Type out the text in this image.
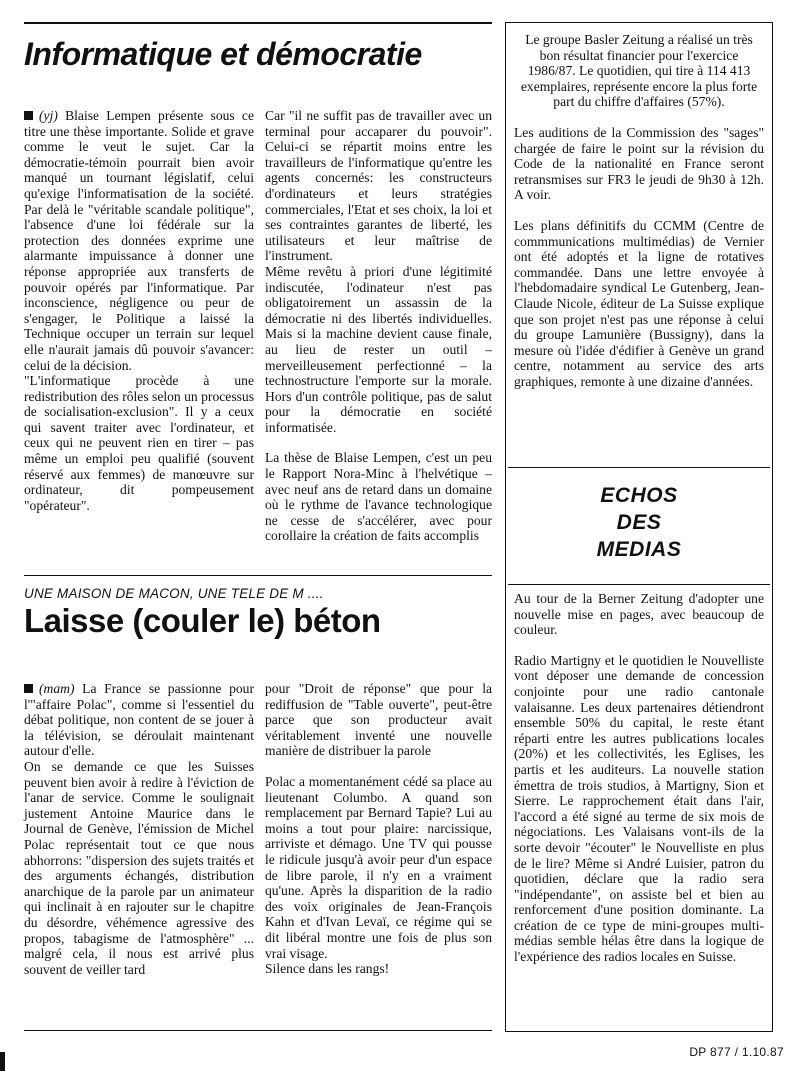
Informatique et démocratie

(yj) Blaise Lempen présente sous ce titre une thèse importante. Solide et grave comme le veut le sujet. Car la démocratie-témoin pourrait bien avoir manqué un tournant législatif, celui qu'exige l'informatisation de la société. Par delà le "véritable scandale politique", l'absence d'une loi fédérale sur la protection des données exprime une alarmante impuissance à donner une réponse appropriée aux transferts de pouvoir opérés par l'informatique. Par inconscience, négligence ou peur de s'engager, le Politique a laissé la Technique occuper un terrain sur lequel elle n'aurait jamais dû pouvoir s'avancer: celui de la décision.

"L'informatique procède à une redistribution des rôles selon un processus de socialisation-exclusion". Il y a ceux qui savent traiter avec l'ordinateur, et ceux qui ne peuvent rien en tirer – pas même un emploi peu qualifié (souvent réservé aux femmes) de manœuvre sur ordinateur, dit pompeusement "opérateur".

Car "il ne suffit pas de travailler avec un terminal pour accaparer du pouvoir". Celui-ci se répartit moins entre les travailleurs de l'informatique qu'entre les agents concernés: les constructeurs d'ordinateurs et leurs stratégies commerciales, l'Etat et ses choix, la loi et ses contraintes garantes de liberté, les utilisateurs et leur maîtrise de l'instrument.

Même revêtu à priori d'une légitimité indiscutée, l'odinateur n'est pas obligatoirement un assassin de la démocratie ni des libertés individuelles. Mais si la machine devient cause finale, au lieu de rester un outil – merveilleusement perfectionné – la technostructure l'emporte sur la morale. Hors d'un contrôle politique, pas de salut pour la démocratie en société informatisée.

La thèse de Blaise Lempen, c'est un peu le Rapport Nora-Minc à l'helvétique – avec neuf ans de retard dans un domaine où le rythme de l'avance technologique ne cesse de s'accélérer, avec pour corollaire la création de faits accomplis

UNE MAISON DE MACON, UNE TELE DE M ....
Laisse (couler le) béton

(mam) La France se passionne pour l'"affaire Polac", comme si l'essentiel du débat politique, non content de se jouer à la télévision, se déroulait maintenant autour d'elle.

On se demande ce que les Suisses peuvent bien avoir à redire à l'éviction de l'anar de service. Comme le soulignait justement Antoine Maurice dans le Journal de Genève, l'émission de Michel Polac représentait tout ce que nous abhorrons: "dispersion des sujets traités et des arguments échangés, distribution anarchique de la parole par un animateur qui inclinait à en rajouter sur le chapitre du désordre, véhémence agressive des propos, tabagisme de l'atmosphère" ... malgré cela, il nous est arrivé plus souvent de veiller tard

pour "Droit de réponse" que pour la rediffusion de "Table ouverte", peut-être parce que son producteur avait véritablement inventé une nouvelle manière de distribuer la parole

Polac a momentanément cédé sa place au lieutenant Columbo. A quand son remplacement par Bernard Tapie? Lui au moins a tout pour plaire: narcissique, arriviste et démago. Une TV qui pousse le ridicule jusqu'à avoir peur d'un espace de libre parole, il n'y en a vraiment qu'une. Après la disparition de la radio des voix originales de Jean-François Kahn et d'Ivan Levaï, ce régime qui se dit libéral montre une fois de plus son vrai visage.

Silence dans les rangs!

Le groupe Basler Zeitung a réalisé un très bon résultat financier pour l'exercice 1986/87. Le quotidien, qui tire à 114 413 exemplaires, représente encore la plus forte part du chiffre d'affaires (57%).
Les auditions de la Commission des "sages" chargée de faire le point sur la révision du Code de la nationalité en France seront retransmises sur FR3 le jeudi de 9h30 à 12h. A voir.
Les plans définitifs du CCMM (Centre de commmunications multimédias) de Vernier ont été adoptés et la ligne de rotatives commandée. Dans une lettre envoyée à l'hebdomadaire syndical Le Gutenberg, Jean-Claude Nicole, éditeur de La Suisse explique que son projet n'est pas une réponse à celui du groupe Lamunière (Bussigny), dans la mesure où l'idée d'édifier à Genève un grand centre, notamment au service des arts graphiques, remonte à une dizaine d'années.
ECHOS
DES
MEDIAS
Au tour de la Berner Zeitung d'adopter une nouvelle mise en pages, avec beaucoup de couleur.
Radio Martigny et le quotidien le Nouvelliste vont déposer une demande de concession conjointe pour une radio cantonale valaisanne. Les deux partenaires détiendront ensemble 50% du capital, le reste étant réparti entre les autres publications locales (20%) et les collectivités, les Eglises, les partis et les auditeurs. La nouvelle station émettra de trois studios, à Martigny, Sion et Sierre. Le rapprochement était dans l'air, l'accord a été signé au terme de six mois de négociations. Les Valaisans vont-ils de la sorte devoir "écouter" le Nouvelliste en plus de le lire? Même si André Luisier, patron du quotidien, déclare que la radio sera "indépendante", on assiste bel et bien au renforcement d'une position dominante. La création de ce type de mini-groupes multi-médias semble hélas être dans la logique de l'expérience des radios locales en Suisse.
DP 877 / 1.10.87
